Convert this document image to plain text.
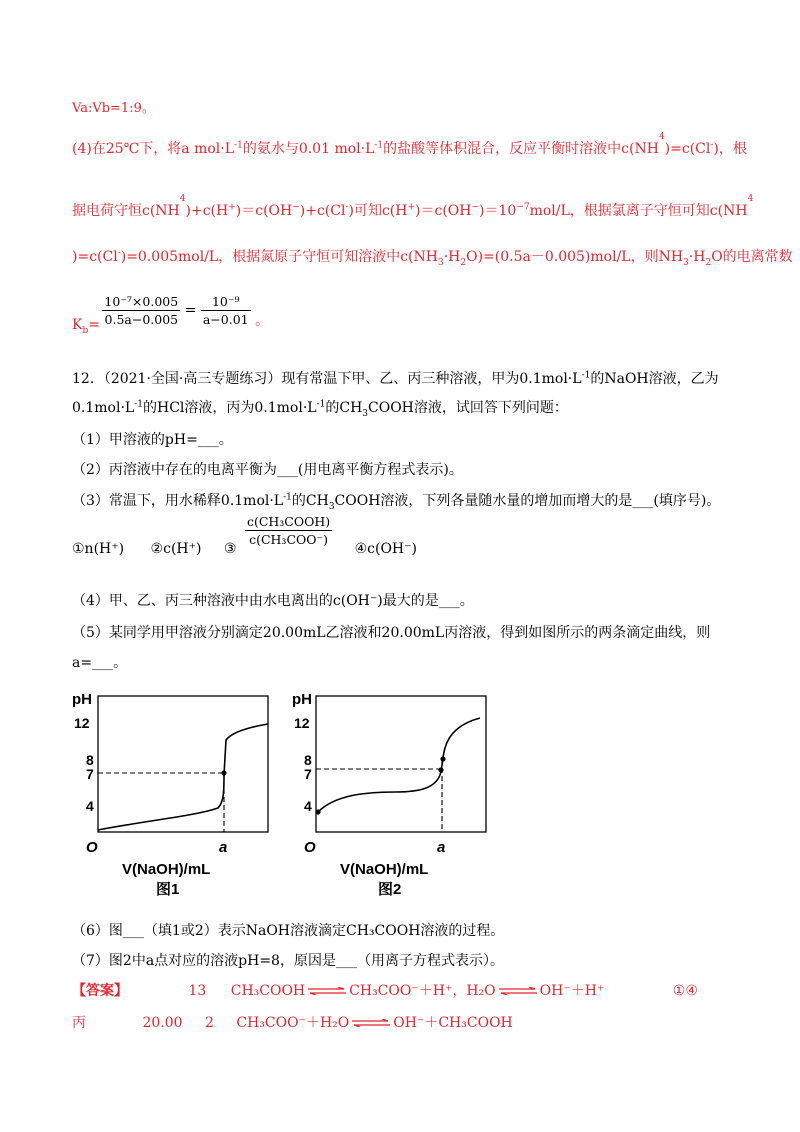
Va:Vb=1:9。
(4)在25℃下，将a $mol\cdot L^{-1}$的氨水与0.01 $mol\cdot L^{-1}$的盐酸等体积混合，反应平衡时溶液中$c(NH^4)=c(Cl^-)$，根
据电荷守恒$c(NH^4)+c(H^+)=c(OH^-)+c(Cl^-)$可知$c(H^+)=c(OH^-)=10^{-7}mol/L$，根据氯离子守恒可知$c(NH^4$
)=c(Cl-)=0.005mol/L，根据氮原子守恒可知溶液中$c(NH_3\cdot H_2O)=(0.5a-0.005)mol/L$，则$NH_3\cdot H_2O$的电离常数
$K_b= \frac{\text{10⁻⁷×0.005}}{0.5a-0.005} = \frac{\text{10⁻⁹}}{a-0.01}$ 。
12．（2021·全国·高三专题练习）现有常温下甲、乙、丙三种溶液，甲为$0.1mol\cdot L^{-1}$的NaOH溶液，乙为
$0.1mol\cdot L^{-1}$的HCl溶液，丙为$0.1mol\cdot L^{-1}$的$CH_3COOH$溶液，试回答下列问题：
（1）甲溶液的pH=___。
（2）丙溶液中存在的电离平衡为___(用电离平衡方程式表示)。
（3）常温下，用水稀释$0.1mol\cdot L^{-1}$的$CH_3COOH$溶液，下列各量随水量的增加而增大的是___(填序号)。
①n(H⁺) ②c(H⁺) ③
$\frac{\text{c(CH₃COOH)}}{\text{c(CH₃COO⁻)}}$
④c(OH⁻)
（4）甲、乙、丙三种溶液中由水电离出的c(OH⁻)最大的是___。
（5）某同学用甲溶液分别滴定20.00mL乙溶液和20.00mL丙溶液，得到如图所示的两条滴定曲线，则
a=___。
pH
12
8
7
4
O	a
V(NaOH)/mL
图1
pH
12
8
7
4
O	a
V(NaOH)/mL
图2
（6）图___（填1或2）表示NaOH溶液滴定CH₃COOH溶液的过程。
（7）图2中a点对应的溶液pH=8，原因是___（用离子方程式表示）。
【答案】	13 CH₃COOH ⇌ CH₃COO⁻＋H⁺，H₂O ⇌ OH⁻＋H⁺	①④
丙	20.00 2 CH₃COO⁻＋H₂O ⇌ OH⁻＋CH₃COOH
